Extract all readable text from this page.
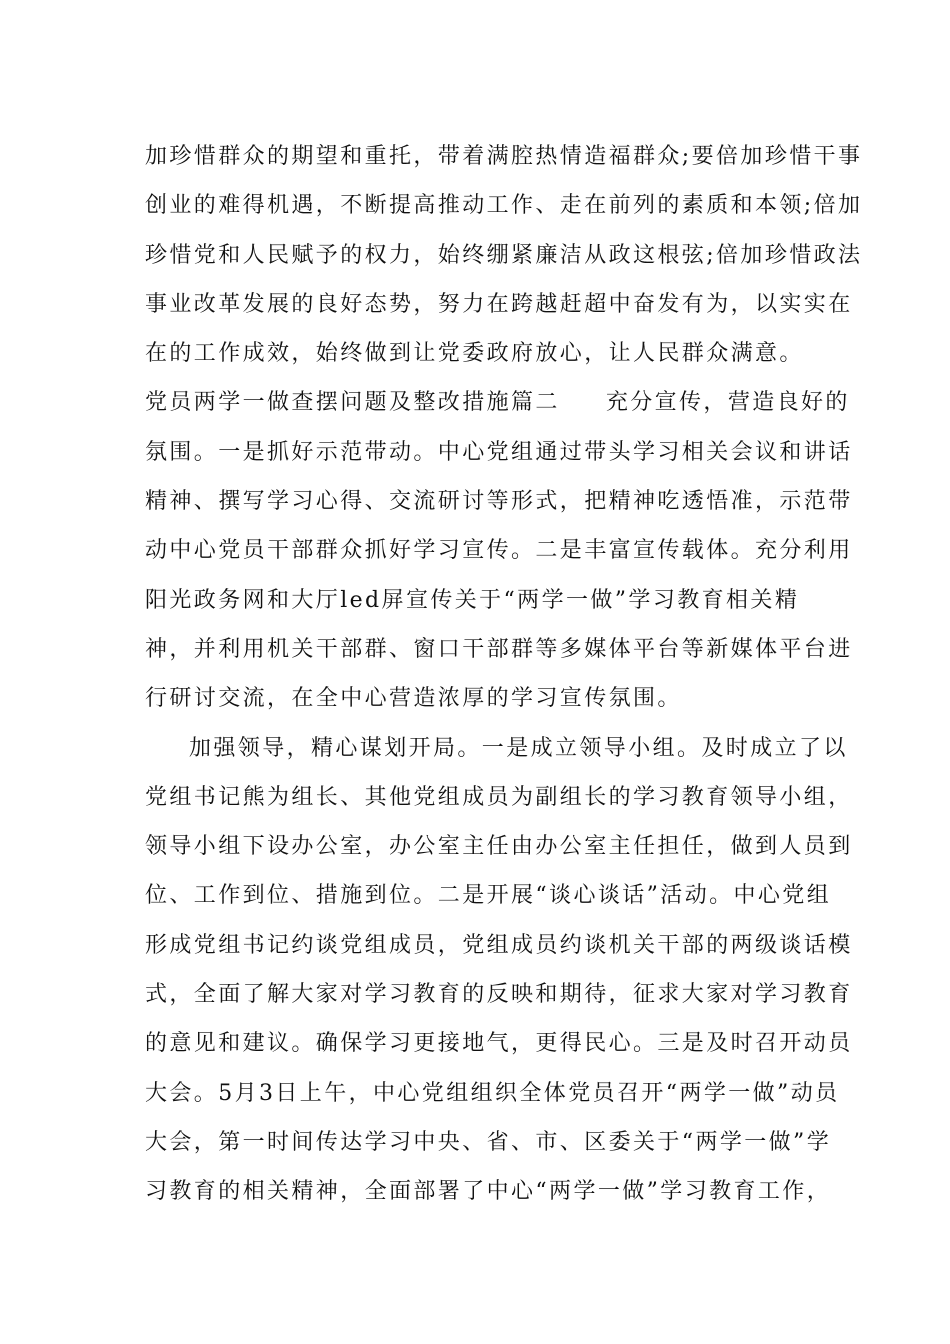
加珍惜群众的期望和重托，带着满腔热情造福群众;要倍加珍惜干事
创业的难得机遇，不断提高推动工作、走在前列的素质和本领;倍加
珍惜党和人民赋予的权力，始终绷紧廉洁从政这根弦;倍加珍惜政法
事业改革发展的良好态势，努力在跨越赶超中奋发有为，以实实在
在的工作成效，始终做到让党委政府放心，让人民群众满意。
党员两学一做查摆问题及整改措施篇二 充分宣传，营造良好的
氛围。一是抓好示范带动。中心党组通过带头学习相关会议和讲话
精神、撰写学习心得、交流研讨等形式，把精神吃透悟准，示范带
动中心党员干部群众抓好学习宣传。二是丰富宣传载体。充分利用
阳光政务网和大厅led屏宣传关于“两学一做”学习教育相关精
神，并利用机关干部群、窗口干部群等多媒体平台等新媒体平台进
行研讨交流，在全中心营造浓厚的学习宣传氛围。
加强领导，精心谋划开局。一是成立领导小组。及时成立了以
党组书记熊为组长、其他党组成员为副组长的学习教育领导小组，
领导小组下设办公室，办公室主任由办公室主任担任，做到人员到
位、工作到位、措施到位。二是开展“谈心谈话”活动。中心党组
形成党组书记约谈党组成员，党组成员约谈机关干部的两级谈话模
式，全面了解大家对学习教育的反映和期待，征求大家对学习教育
的意见和建议。确保学习更接地气，更得民心。三是及时召开动员
大会。5月3日上午，中心党组组织全体党员召开“两学一做”动员
大会，第一时间传达学习中央、省、市、区委关于“两学一做”学
习教育的相关精神，全面部署了中心“两学一做”学习教育工作，
